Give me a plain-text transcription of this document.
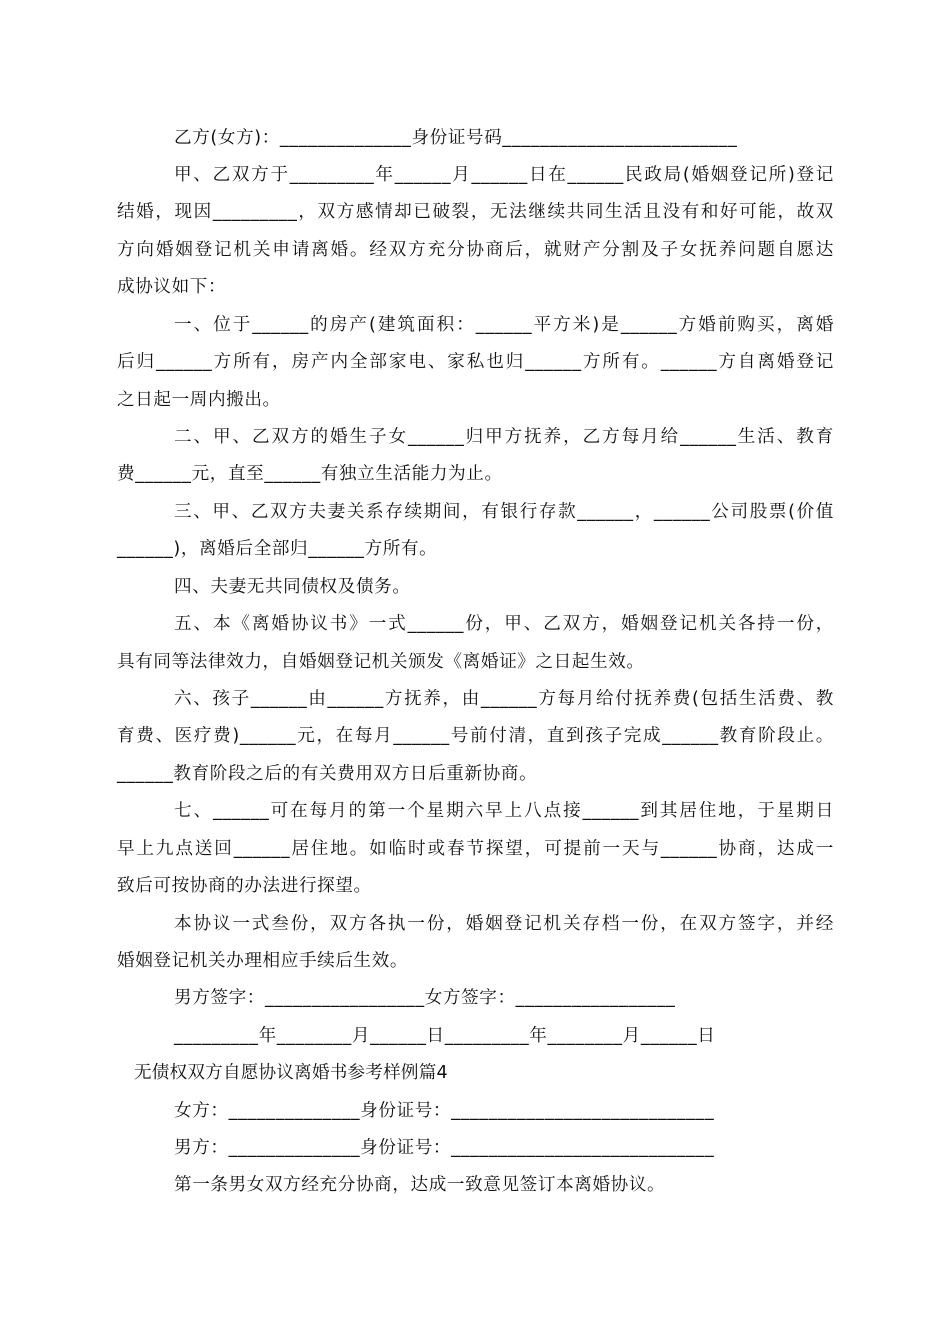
乙方(女方)：______________身份证号码_________________________

甲、乙双方于_________年______月______日在______民政局(婚姻登记所)登记

结婚，现因_________，双方感情却已破裂，无法继续共同生活且没有和好可能，故双

方向婚姻登记机关申请离婚。经双方充分协商后，就财产分割及子女抚养问题自愿达

成协议如下：

一、位于______的房产(建筑面积：______平方米)是______方婚前购买，离婚

后归______方所有，房产内全部家电、家私也归______方所有。______方自离婚登记

之日起一周内搬出。

二、甲、乙双方的婚生子女______归甲方抚养，乙方每月给______生活、教育

费______元，直至______有独立生活能力为止。

三、甲、乙双方夫妻关系存续期间，有银行存款______，______公司股票(价值

______)，离婚后全部归______方所有。

四、夫妻无共同债权及债务。

五、本《离婚协议书》一式______份，甲、乙双方，婚姻登记机关各持一份，

具有同等法律效力，自婚姻登记机关颁发《离婚证》之日起生效。

六、孩子______由______方抚养，由______方每月给付抚养费(包括生活费、教

育费、医疗费)______元，在每月______号前付清，直到孩子完成______教育阶段止。

______教育阶段之后的有关费用双方日后重新协商。

七、______可在每月的第一个星期六早上八点接______到其居住地，于星期日

早上九点送回______居住地。如临时或春节探望，可提前一天与______协商，达成一

致后可按协商的办法进行探望。

本协议一式叁份，双方各执一份，婚姻登记机关存档一份，在双方签字，并经

婚姻登记机关办理相应手续后生效。

男方签字：_________________女方签字：_________________

_________年________月______日_________年________月______日

无债权双方自愿协议离婚书参考样例篇4

女方：______________身份证号：____________________________

男方：______________身份证号：____________________________

第一条男女双方经充分协商，达成一致意见签订本离婚协议。
